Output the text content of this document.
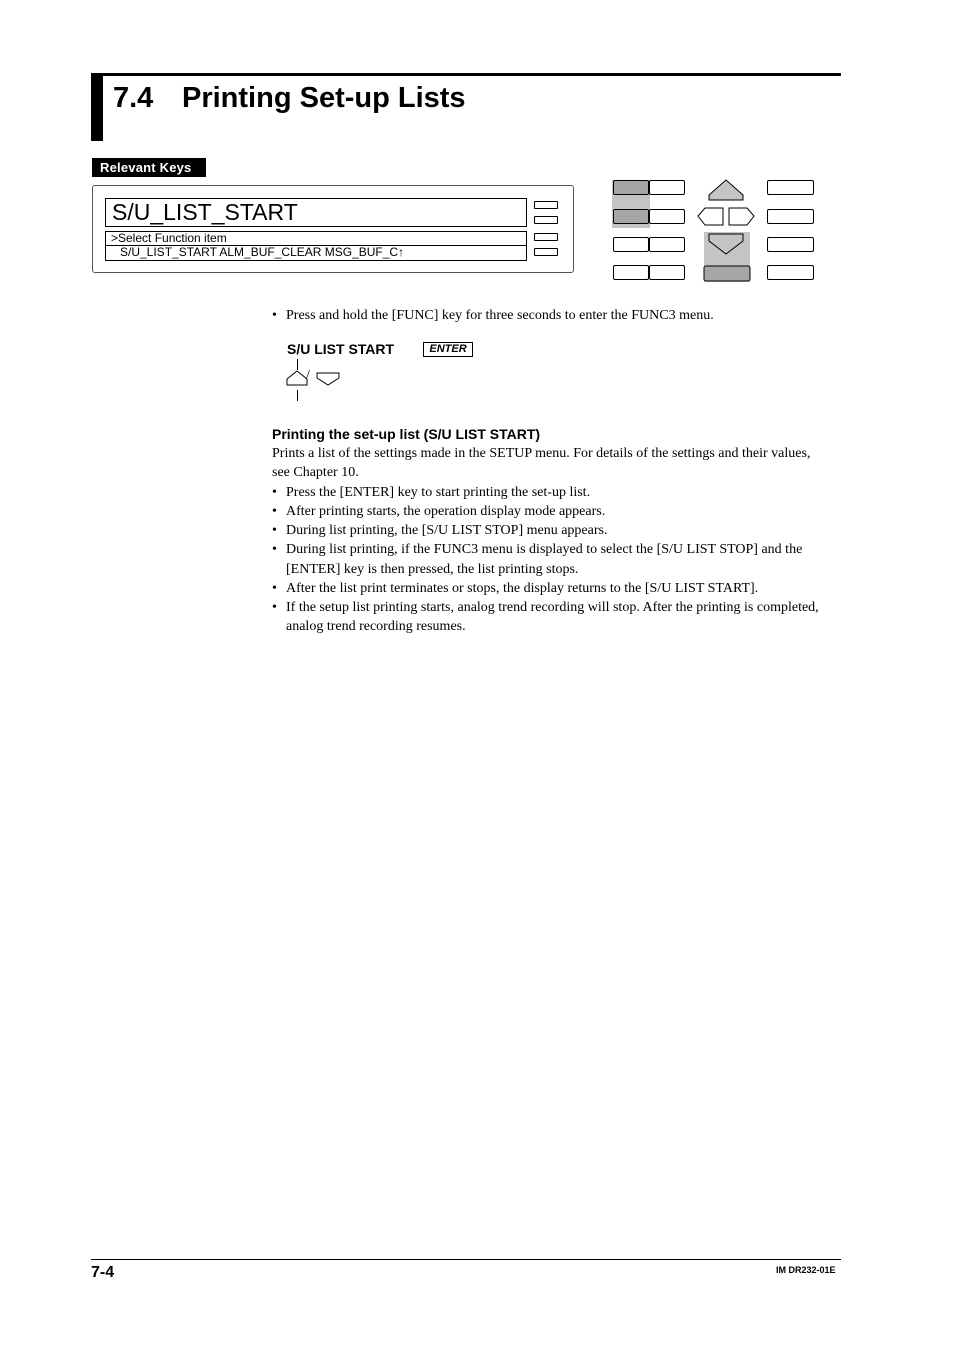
7.4 Printing Set-up Lists
Relevant Keys
S/U_LIST_START
>Select Function item
S/U_LIST_START ALM_BUF_CLEAR MSG_BUF_C↑
• Press and hold the [FUNC] key for three seconds to enter the FUNC3 menu.
S/U LIST START	ENTER
/
Printing the set-up list (S/U LIST START)
Prints a list of the settings made in the SETUP menu. For details of the settings and their values,
see Chapter 10.
• Press the [ENTER] key to start printing the set-up list.
• After printing starts, the operation display mode appears.
• During list printing, the [S/U LIST STOP] menu appears.
• During list printing, if the FUNC3 menu is displayed to select the [S/U LIST STOP] and the
[ENTER] key is then pressed, the list printing stops.
• After the list print terminates or stops, the display returns to the [S/U LIST START].
• If the setup list printing starts, analog trend recording will stop. After the printing is completed,
analog trend recording resumes.
7-4	IM DR232-01E
